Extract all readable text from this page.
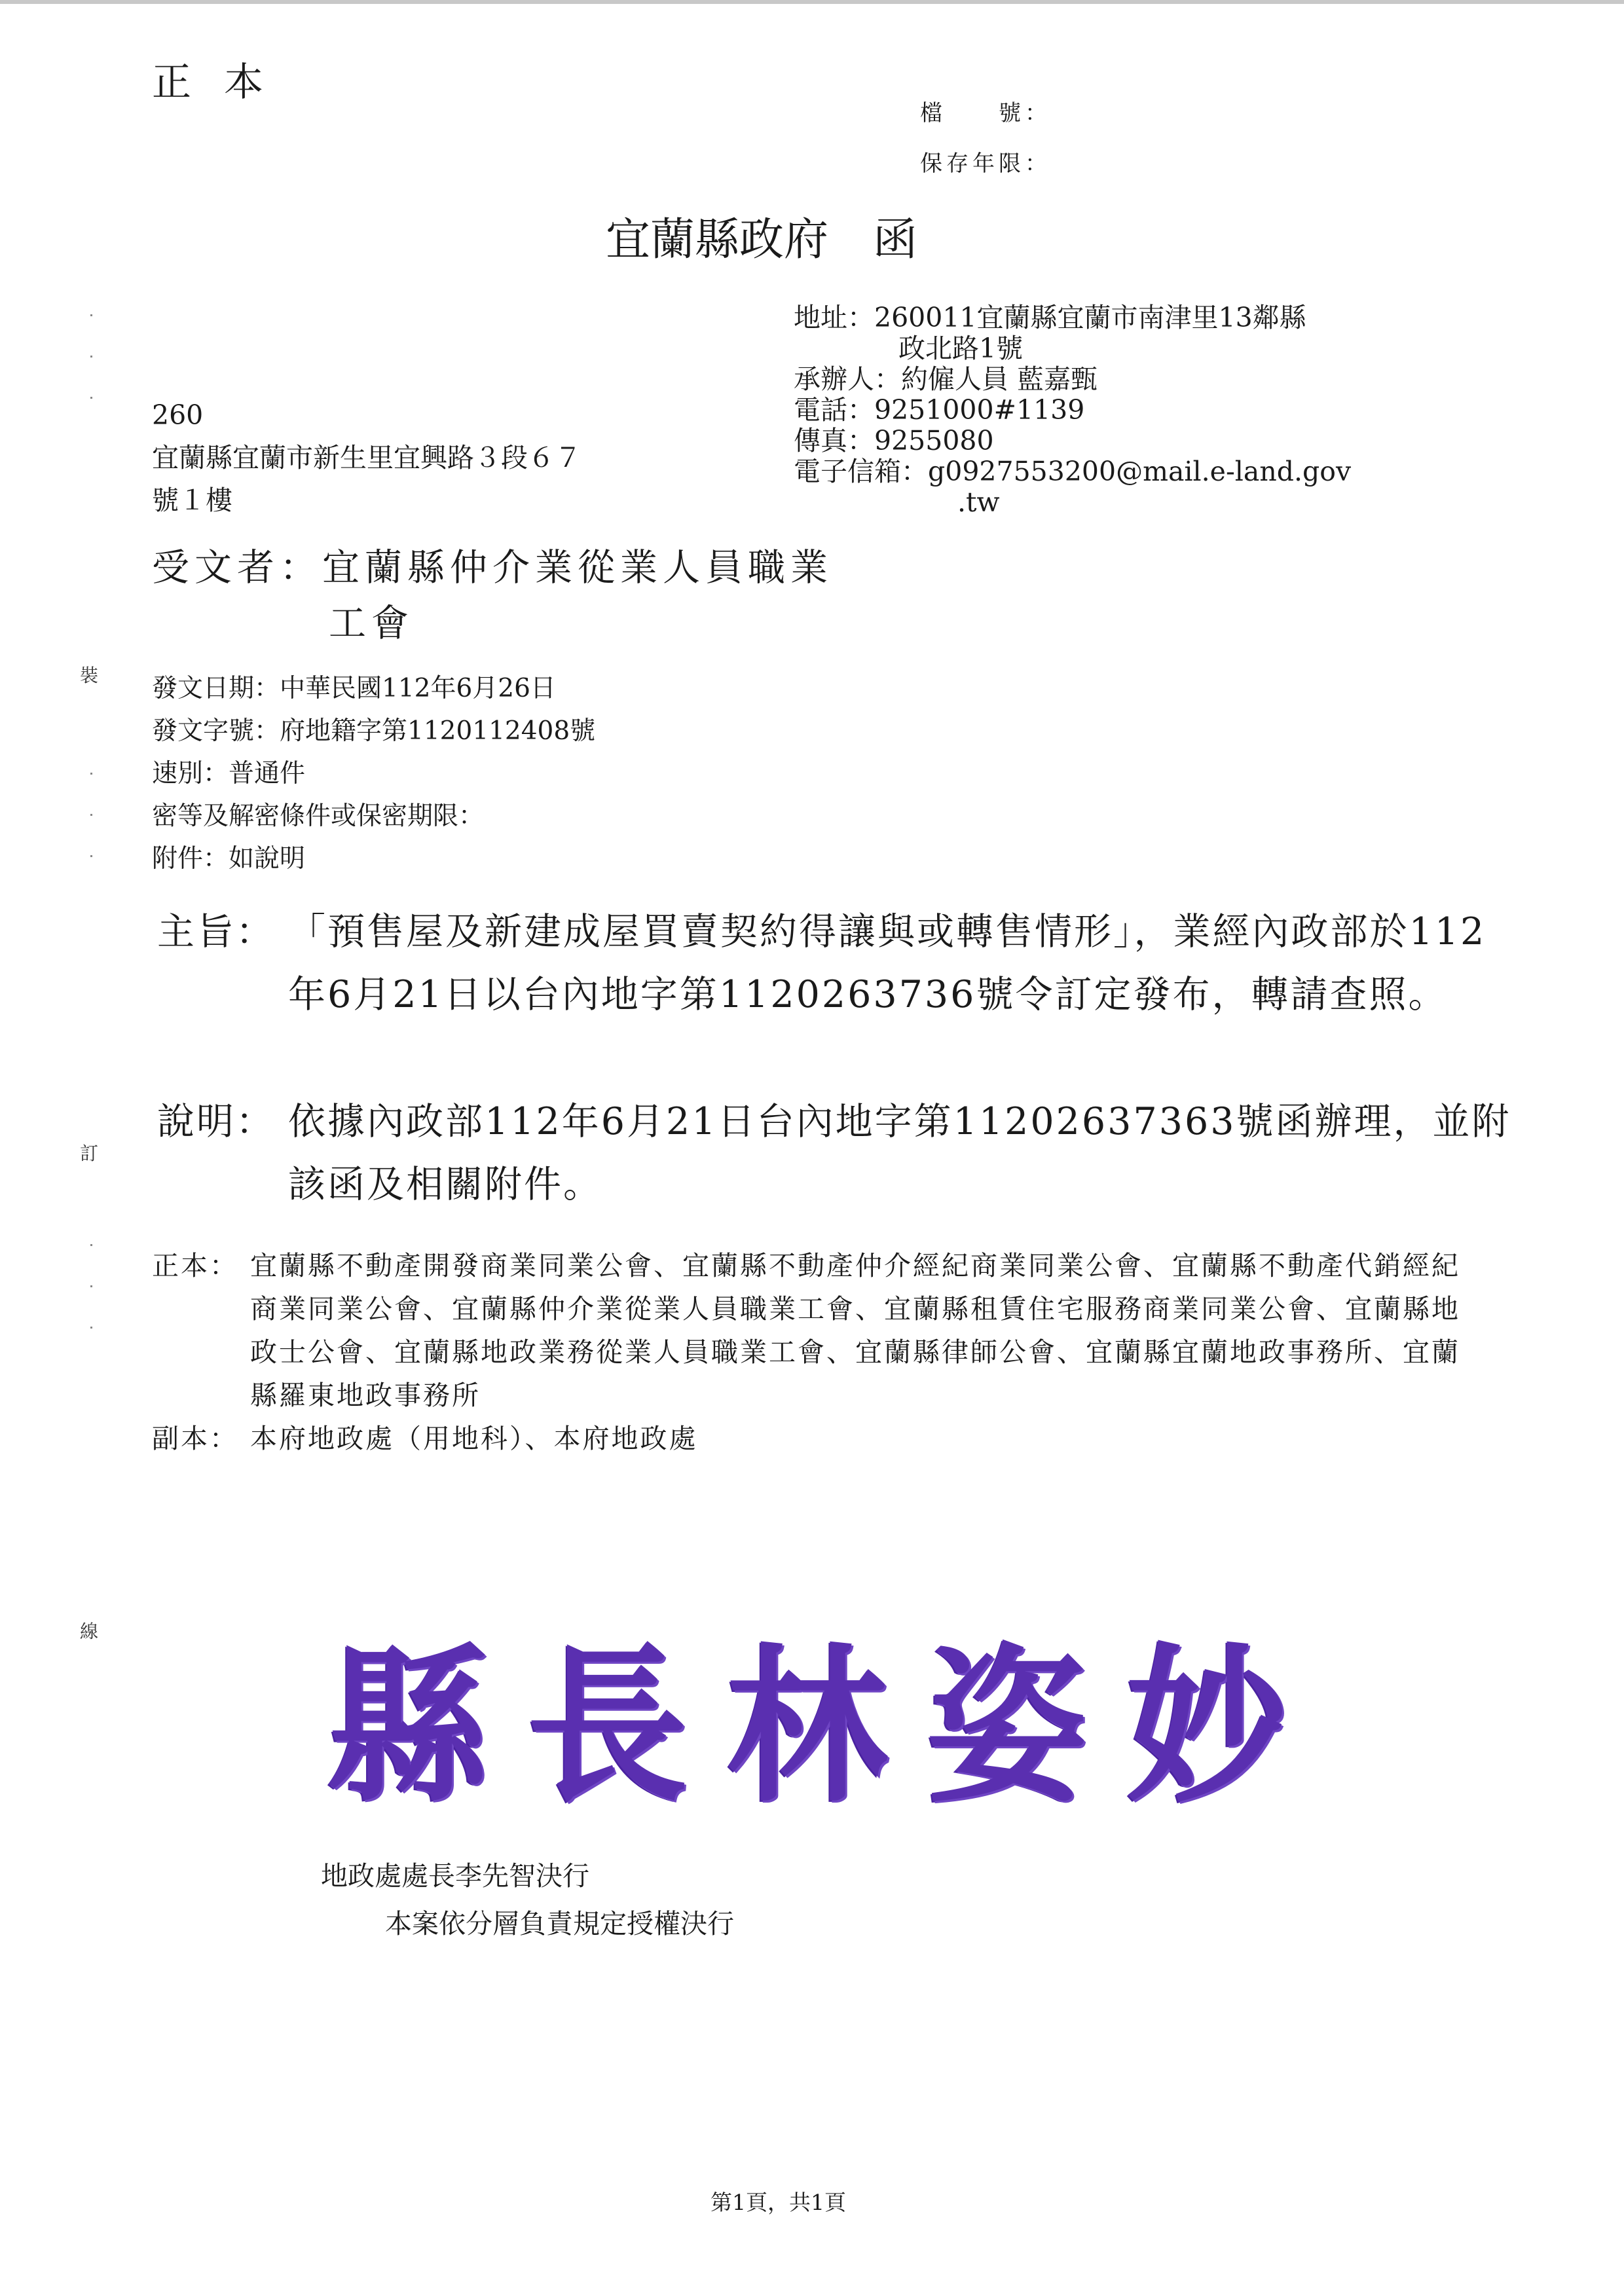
裝
訂
線
正本
檔　　號：
保存年限：
宜蘭縣政府　函
地址：260011宜蘭縣宜蘭市南津里13鄰縣
政北路1號
承辦人：約僱人員 藍嘉甄
電話：9251000#1139
傳真：9255080
電子信箱：g0927553200@mail.e-land.gov
.tw
260
宜蘭縣宜蘭市新生里宜興路３段６７
號１樓
受文者：宜蘭縣仲介業從業人員職業
工會
發文日期：中華民國112年6月26日
發文字號：府地籍字第1120112408號
速別：普通件
密等及解密條件或保密期限：
附件：如說明
主旨： 「預售屋及新建成屋買賣契約得讓與或轉售情形」，業經內政部於112年6月21日以台內地字第1120263736號令訂定發布，轉請查照。
說明： 依據內政部112年6月21日台內地字第11202637363號函辦理，並附該函及相關附件。
正本： 宜蘭縣不動產開發商業同業公會、宜蘭縣不動產仲介經紀商業同業公會、宜蘭縣不動產代銷經紀商業同業公會、宜蘭縣仲介業從業人員職業工會、宜蘭縣租賃住宅服務商業同業公會、宜蘭縣地政士公會、宜蘭縣地政業務從業人員職業工會、宜蘭縣律師公會、宜蘭縣宜蘭地政事務所、宜蘭縣羅東地政事務所
副本： 本府地政處（用地科）、本府地政處
縣長林姿妙
地政處處長李先智決行
本案依分層負責規定授權決行
第1頁，共1頁
